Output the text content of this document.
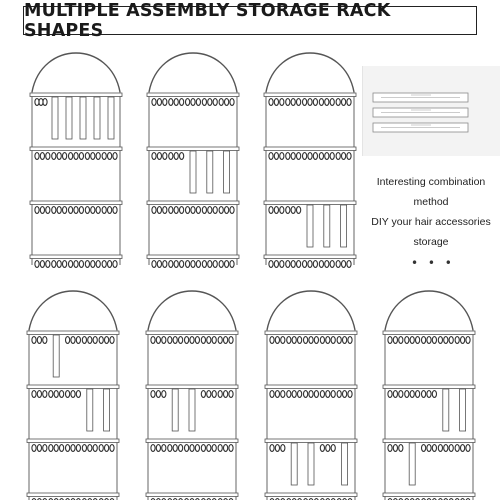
MULTIPLE ASSEMBLY STORAGE RACK SHAPES
Interesting combination
method
DIY your hair accessories
storage
• • •
